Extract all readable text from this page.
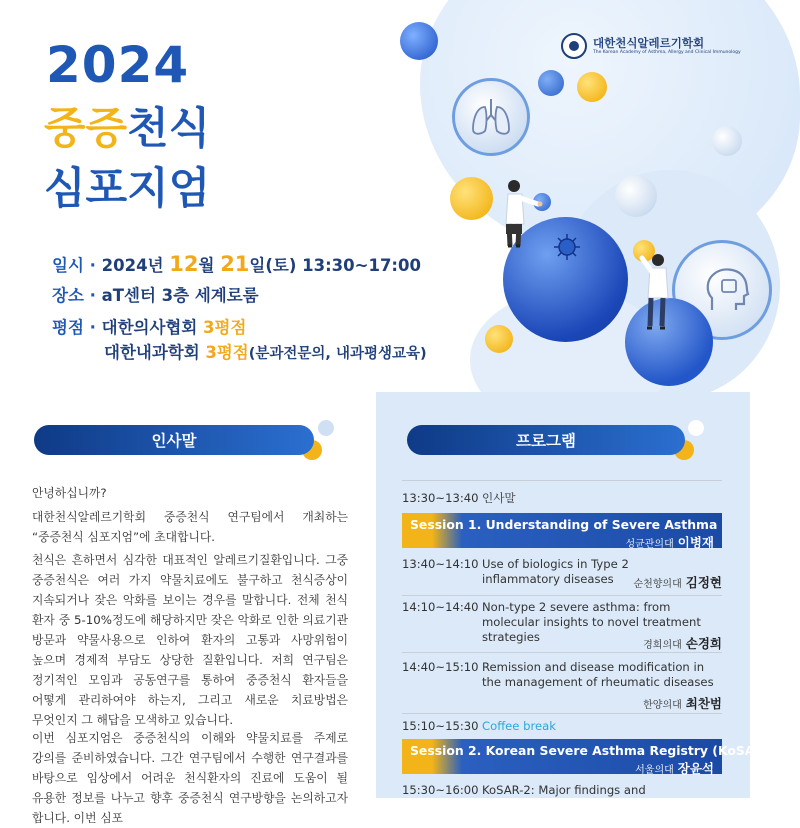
대한천식알레르기학회
The Korean Academy of Asthma, Allergy and Clinical Immunology
2024
중증천식
심포지엄
일시 · 2024년 12월 21일(토) 13:30~17:00
장소 · aT센터 3층 세계로룸
평점 · 대한의사협회 3평점
대한내과학회 3평점(분과전문의, 내과평생교육)
인사말	프로그램
안녕하십니까?
대한천식알레르기학회 중증천식 연구팀에서 개최하는 “중증천식 심포지엄”에 초대합니다.
천식은 흔하면서 심각한 대표적인 알레르기질환입니다. 그중 중증천식은 여러 가지 약물치료에도 불구하고 천식증상이 지속되거나 잦은 악화를 보이는 경우를 말합니다. 전체 천식 환자 중 5-10%정도에 해당하지만 잦은 악화로 인한 의료기관 방문과 약물사용으로 인하여 환자의 고통과 사망위험이 높으며 경제적 부담도 상당한 질환입니다. 저희 연구팀은 정기적인 모임과 공동연구를 통하여 중증천식 환자들을 어떻게 관리하여야 하는지, 그리고 새로운 치료방법은 무엇인지 그 해답을 모색하고 있습니다.
이번 심포지엄은 중증천식의 이해와 약물치료를 주제로 강의를 준비하였습니다. 그간 연구팀에서 수행한 연구결과를 바탕으로 임상에서 어려운 천식환자의 진료에 도움이 될 유용한 정보를 나누고 향후 중증천식 연구방향을 논의하고자 합니다. 이번 심포
13:30~13:40 인사말
Session 1. Understanding of Severe Asthma
성균관의대 이병재
13:40~14:10 Use of biologics in Type 2 inflammatory diseases	순천향의대 김정현
14:10~14:40 Non-type 2 severe asthma: from molecular insights to novel treatment strategies
경희의대 손경희
14:40~15:10 Remission and disease modification in the management of rheumatic diseases
한양의대 최찬범
15:10~15:30 Coffee break
Session 2. Korean Severe Asthma Registry (KoSAR)
서울의대 장윤석
15:30~16:00 KoSAR-2: Major findings and
